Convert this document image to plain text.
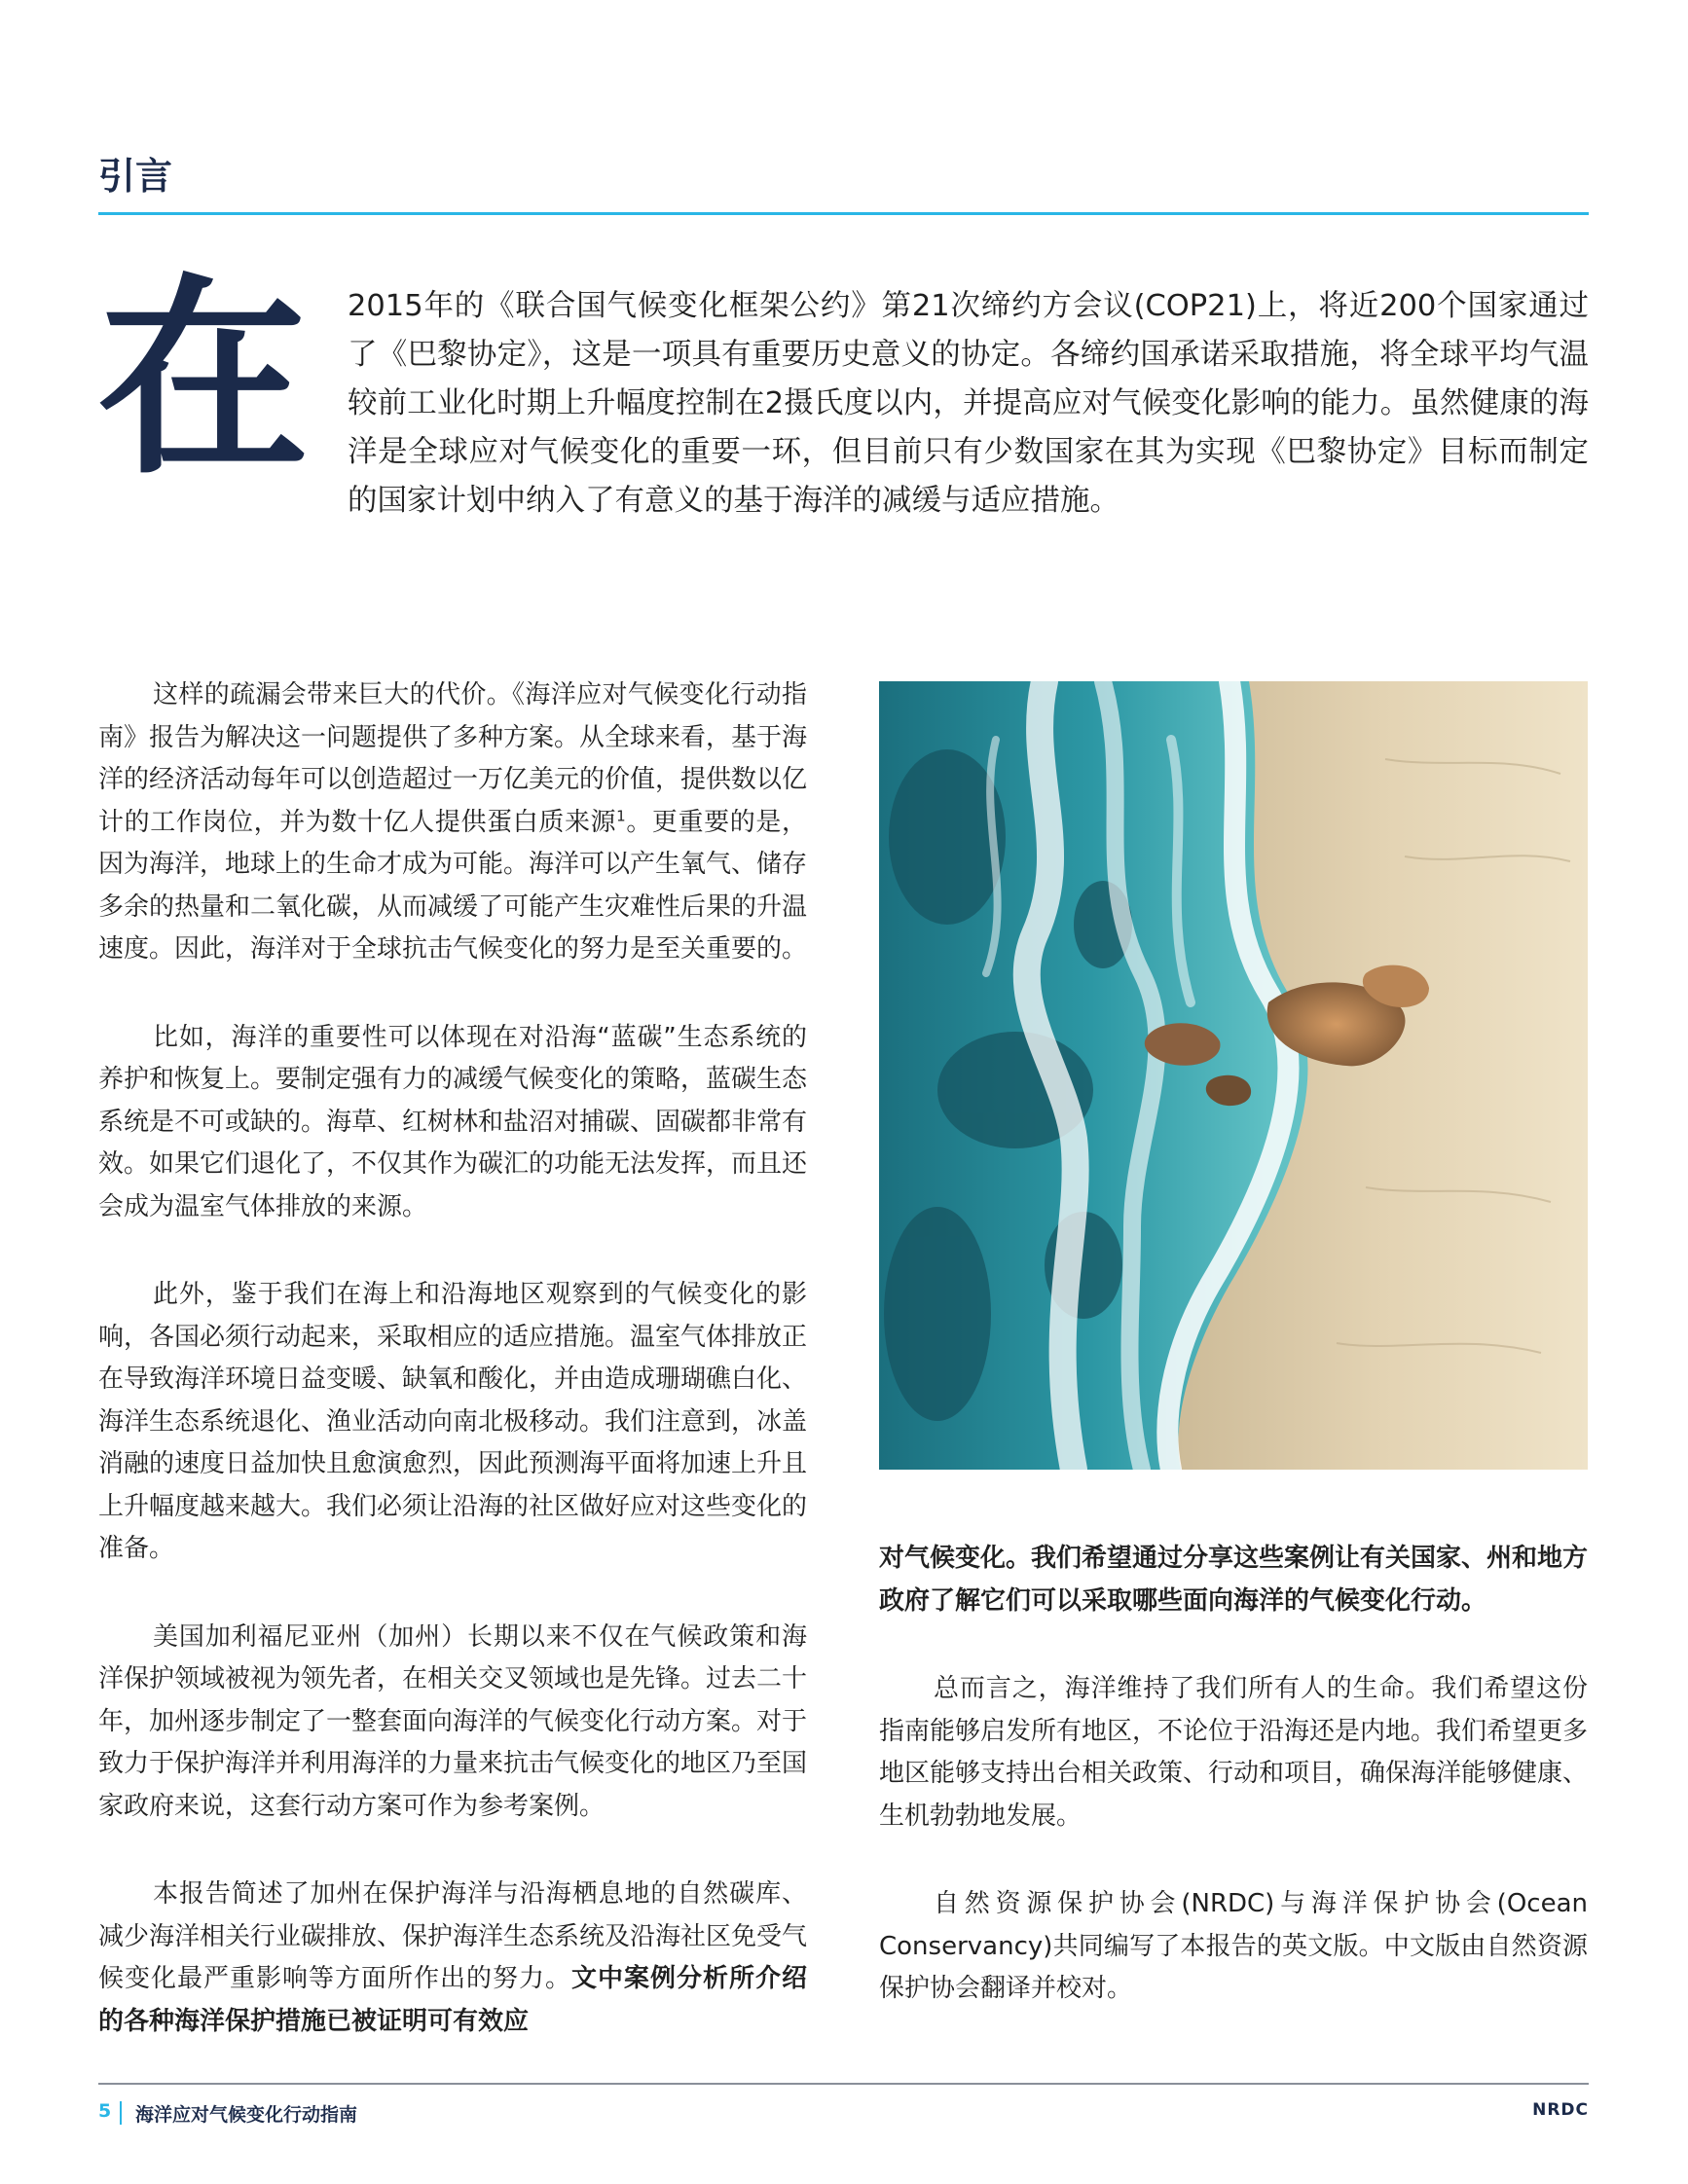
引言
在 2015年的《联合国气候变化框架公约》第21次缔约方会议(COP21)上，将近200个国家通过了《巴黎协定》，这是一项具有重要历史意义的协定。各缔约国承诺采取措施，将全球平均气温较前工业化时期上升幅度控制在2摄氏度以内，并提高应对气候变化影响的能力。虽然健康的海洋是全球应对气候变化的重要一环，但目前只有少数国家在其为实现《巴黎协定》目标而制定的国家计划中纳入了有意义的基于海洋的减缓与适应措施。

这样的疏漏会带来巨大的代价。《海洋应对气候变化行动指南》报告为解决这一问题提供了多种方案。从全球来看，基于海洋的经济活动每年可以创造超过一万亿美元的价值，提供数以亿计的工作岗位，并为数十亿人提供蛋白质来源$^1$。更重要的是，因为海洋，地球上的生命才成为可能。海洋可以产生氧气、储存多余的热量和二氧化碳，从而减缓了可能产生灾难性后果的升温速度。因此，海洋对于全球抗击气候变化的努力是至关重要的。

比如，海洋的重要性可以体现在对沿海“蓝碳”生态系统的养护和恢复上。要制定强有力的减缓气候变化的策略，蓝碳生态系统是不可或缺的。海草、红树林和盐沼对捕碳、固碳都非常有效。如果它们退化了，不仅其作为碳汇的功能无法发挥，而且还会成为温室气体排放的来源。

此外，鉴于我们在海上和沿海地区观察到的气候变化的影响，各国必须行动起来，采取相应的适应措施。温室气体排放正在导致海洋环境日益变暖、缺氧和酸化，并由造成珊瑚礁白化、海洋生态系统退化、渔业活动向南北极移动。我们注意到，冰盖消融的速度日益加快且愈演愈烈，因此预测海平面将加速上升且上升幅度越来越大。我们必须让沿海的社区做好应对这些变化的准备。

美国加利福尼亚州（加州）长期以来不仅在气候政策和海洋保护领域被视为领先者，在相关交叉领域也是先锋。过去二十年，加州逐步制定了一整套面向海洋的气候变化行动方案。对于致力于保护海洋并利用海洋的力量来抗击气候变化的地区乃至国家政府来说，这套行动方案可作为参考案例。

本报告简述了加州在保护海洋与沿海栖息地的自然碳库、减少海洋相关行业碳排放、保护海洋生态系统及沿海社区免受气候变化最严重影响等方面所作出的努力。文中案例分析所介绍的各种海洋保护措施已被证明可有效应

对气候变化。我们希望通过分享这些案例让有关国家、州和地方政府了解它们可以采取哪些面向海洋的气候变化行动。

总而言之，海洋维持了我们所有人的生命。我们希望这份指南能够启发所有地区，不论位于沿海还是内地。我们希望更多地区能够支持出台相关政策、行动和项目，确保海洋能够健康、生机勃勃地发展。

自然资源保护协会(NRDC)与海洋保护协会(Ocean Conservancy)共同编写了本报告的英文版。中文版由自然资源保护协会翻译并校对。

5 海洋应对气候变化行动指南	NRDC
